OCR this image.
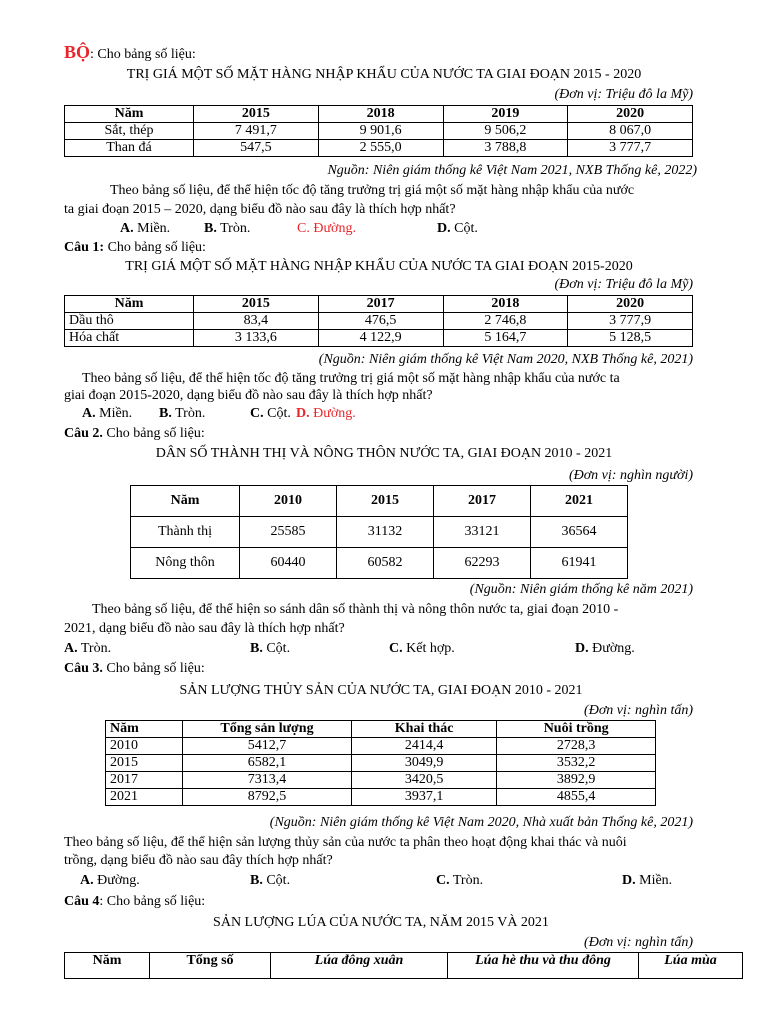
BỘ: Cho bảng số liệu:
TRỊ GIÁ MỘT SỐ MẶT HÀNG NHẬP KHẨU CỦA NƯỚC TA GIAI ĐOẠN 2015 - 2020
(Đơn vị: Triệu đô la Mỹ)
Năm	2015	2018	2019	2020
Sắt, thép	7 491,7	9 901,6	9 506,2	8 067,0
Than đá	547,5	2 555,0	3 788,8	3 777,7
Nguồn: Niên giám thống kê Việt Nam 2021, NXB Thống kê, 2022)
Theo bảng số liệu, để thể hiện tốc độ tăng trưởng trị giá một số mặt hàng nhập khẩu của nước
ta giai đoạn 2015 – 2020, dạng biểu đồ nào sau đây là thích hợp nhất?
A. Miền. B. Tròn.	C. Đường.	D. Cột.
Câu 1: Cho bảng số liệu:
TRỊ GIÁ MỘT SỐ MẶT HÀNG NHẬP KHẨU CỦA NƯỚC TA GIAI ĐOẠN 2015-2020
(Đơn vị: Triệu đô la Mỹ)
Năm	2015	2017	2018	2020
Dầu thô	83,4	476,5	2 746,8	3 777,9
Hóa chất	3 133,6	4 122,9	5 164,7	5 128,5
(Nguồn: Niên giám thống kê Việt Nam 2020, NXB Thống kê, 2021)
Theo bảng số liệu, để thể hiện tốc độ tăng trưởng trị giá một số mặt hàng nhập khẩu của nước ta
giai đoạn 2015-2020, dạng biểu đồ nào sau đây là thích hợp nhất?
A. Miền. B. Tròn.	C. Cột. D. Đường.
Câu 2. Cho bảng số liệu:
DÂN SỐ THÀNH THỊ VÀ NÔNG THÔN NƯỚC TA, GIAI ĐOẠN 2010 - 2021
(Đơn vị: nghìn người)
Năm	2010	2015	2017	2021
Thành thị	25585	31132	33121	36564
Nông thôn	60440	60582	62293	61941
(Nguồn: Niên giám thống kê năm 2021)
Theo bảng số liệu, để thể hiện so sánh dân số thành thị và nông thôn nước ta, giai đoạn 2010 -
2021, dạng biểu đồ nào sau đây là thích hợp nhất?
A. Tròn.	B. Cột.	C. Kết hợp.	D. Đường.
Câu 3. Cho bảng số liệu:
SẢN LƯỢNG THỦY SẢN CỦA NƯỚC TA, GIAI ĐOẠN 2010 - 2021
(Đơn vị: nghìn tấn)
Năm	Tổng sản lượng	Khai thác	Nuôi trồng
2010	5412,7	2414,4	2728,3
2015	6582,1	3049,9	3532,2
2017	7313,4	3420,5	3892,9
2021	8792,5	3937,1	4855,4
(Nguồn: Niên giám thống kê Việt Nam 2020, Nhà xuất bản Thống kê, 2021)
Theo bảng số liệu, để thể hiện sản lượng thủy sản của nước ta phân theo hoạt động khai thác và nuôi
trồng, dạng biểu đồ nào sau đây thích hợp nhất?
A. Đường.	B. Cột.	C. Tròn.	D. Miền.
Câu 4: Cho bảng số liệu:
SẢN LƯỢNG LÚA CỦA NƯỚC TA, NĂM 2015 VÀ 2021
(Đơn vị: nghìn tấn)
Năm	Tổng số	Lúa đông xuân	Lúa hè thu và thu đông	Lúa mùa
